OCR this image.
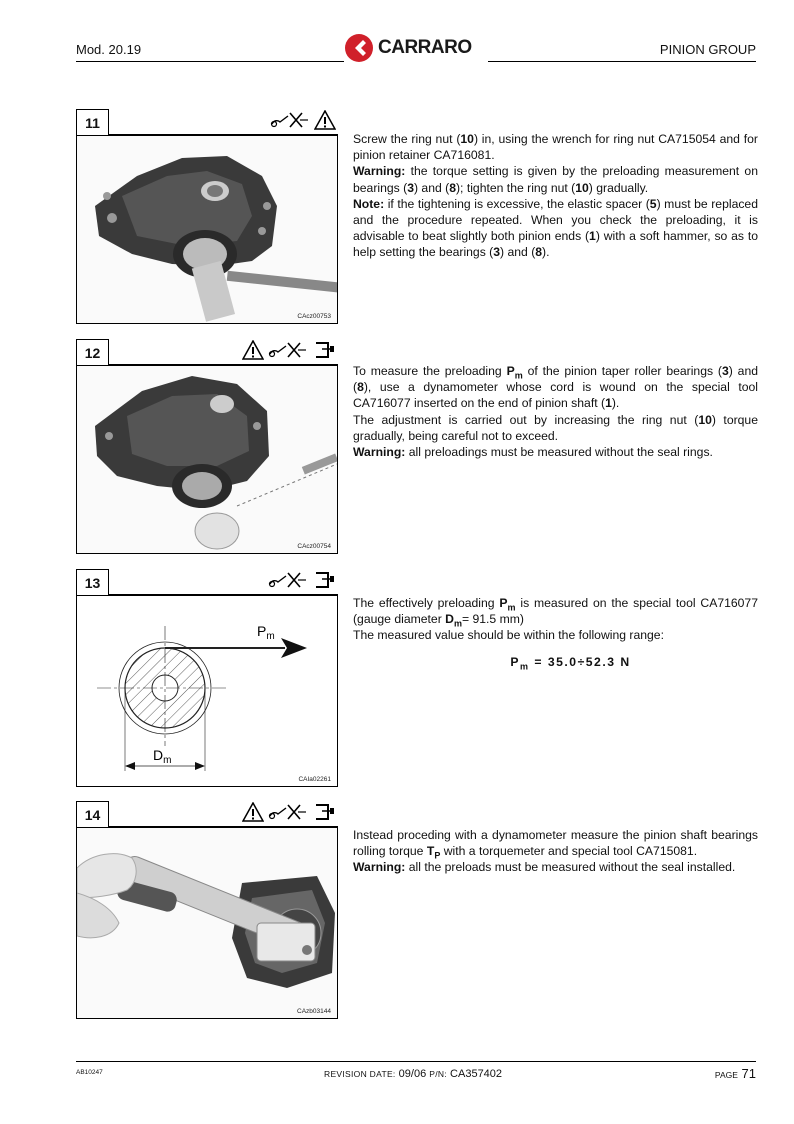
Mod. 20.19	CARRARO	PINION GROUP
11
CAcz00753

Screw the ring nut (10) in, using the wrench for ring nut CA715054 and for pinion retainer CA716081.

Warning: the torque setting is given by the preloading measurement on bearings (3) and (8); tighten the ring nut (10) gradually.

Note: if the tightening is excessive, the elastic spacer (5) must be replaced and the procedure repeated. When you check the preloading, it is advisable to beat slightly both pinion ends (1) with a soft hammer, so as to help setting the bearings (3) and (8).

12
CAcz00754

To measure the preloading $P_m$ of the pinion taper roller bearings (3) and (8), use a dynamometer whose cord is wound on the special tool CA716077 inserted on the end of pinion shaft (1).

The adjustment is carried out by increasing the ring nut (10) torque gradually, being careful not to exceed.

Warning: all preloadings must be measured without the seal rings.

13
$P_m$
$D_m$
CAIa02261

The effectively preloading $P_m$ is measured on the special tool CA716077 (gauge diameter $D_m= 91.5$ mm)

The measured value should be within the following range:

$P_m = 35.0\div 52.3$ N

14
CAzb03144

Instead proceding with a dynamometer measure the pinion shaft bearings rolling torque $T_P$ with a torquemeter and special tool CA715081.

Warning: all the preloads must be measured without the seal installed.

AB10247	REVISION DATE: 09/06 P/N: CA357402	PAGE 71
